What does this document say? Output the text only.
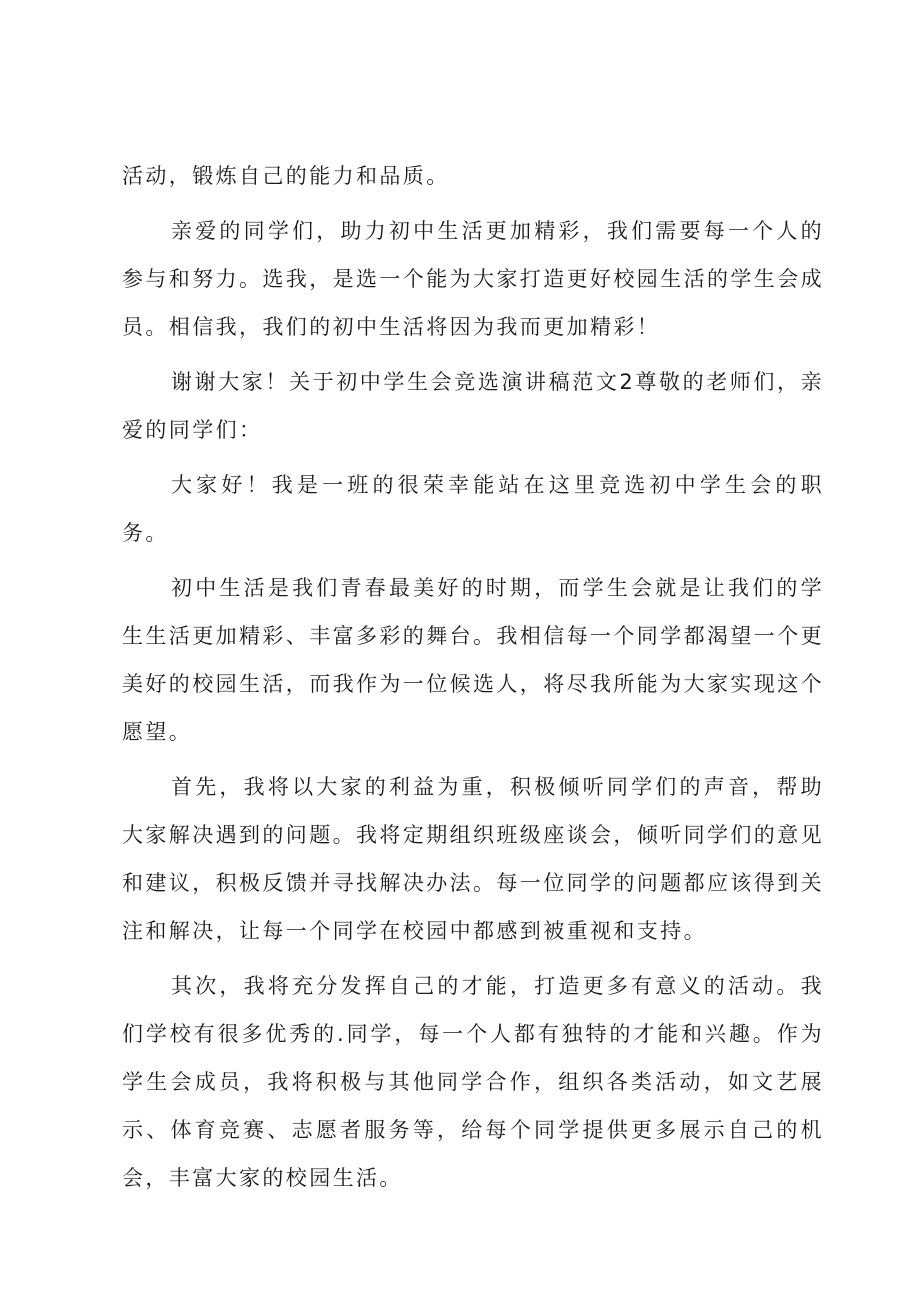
活动，锻炼自己的能力和品质。

亲爱的同学们，助力初中生活更加精彩，我们需要每一个人的参与和努力。选我，是选一个能为大家打造更好校园生活的学生会成员。相信我，我们的初中生活将因为我而更加精彩！

谢谢大家！关于初中学生会竞选演讲稿范文2尊敬的老师们，亲爱的同学们：

大家好！我是一班的很荣幸能站在这里竞选初中学生会的职务。

初中生活是我们青春最美好的时期，而学生会就是让我们的学生生活更加精彩、丰富多彩的舞台。我相信每一个同学都渴望一个更美好的校园生活，而我作为一位候选人，将尽我所能为大家实现这个愿望。

首先，我将以大家的利益为重，积极倾听同学们的声音，帮助大家解决遇到的问题。我将定期组织班级座谈会，倾听同学们的意见和建议，积极反馈并寻找解决办法。每一位同学的问题都应该得到关注和解决，让每一个同学在校园中都感到被重视和支持。

其次，我将充分发挥自己的才能，打造更多有意义的活动。我们学校有很多优秀的.同学，每一个人都有独特的才能和兴趣。作为学生会成员，我将积极与其他同学合作，组织各类活动，如文艺展示、体育竞赛、志愿者服务等，给每个同学提供更多展示自己的机会，丰富大家的校园生活。
